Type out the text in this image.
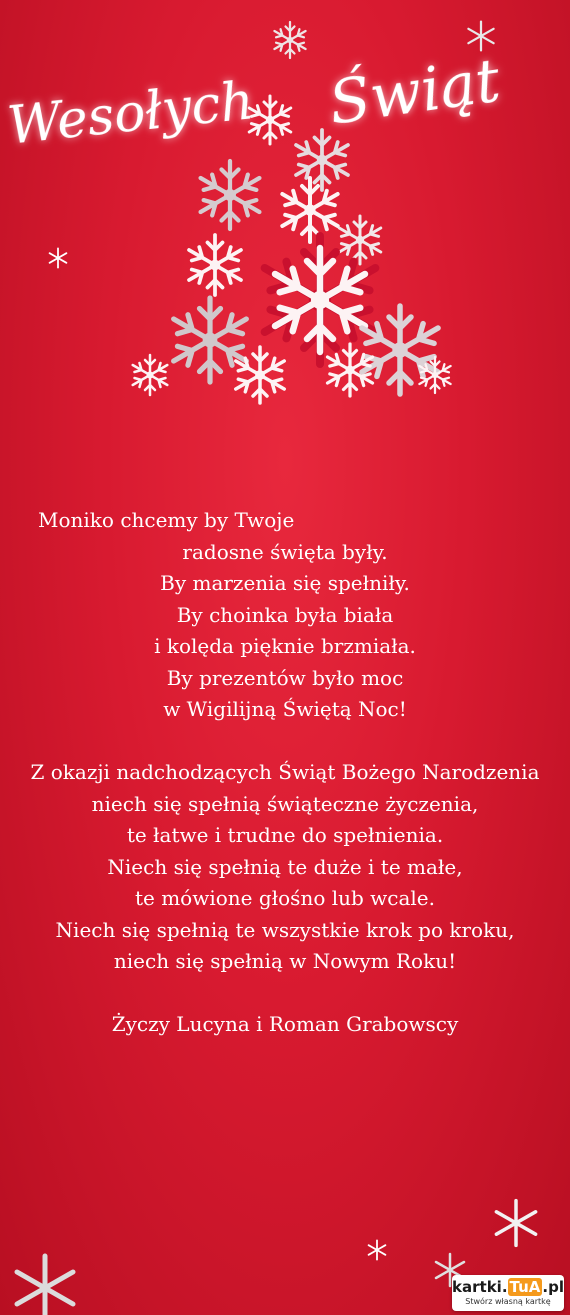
Wesołych Świąt
Moniko chcemy by Twoje
radosne święta były.
By marzenia się spełniły.
By choinka była biała
i kolęda pięknie brzmiała.
By prezentów było moc
w Wigilijną Świętą Noc!
Z okazji nadchodzących Świąt Bożego Narodzenia
niech się spełnią świąteczne życzenia,
te łatwe i trudne do spełnienia.
Niech się spełnią te duże i te małe,
te mówione głośno lub wcale.
Niech się spełnią te wszystkie krok po kroku,
niech się spełnią w Nowym Roku!
Życzy Lucyna i Roman Grabowscy
kartki. TuA .pl
Stwórz własną kartkę
